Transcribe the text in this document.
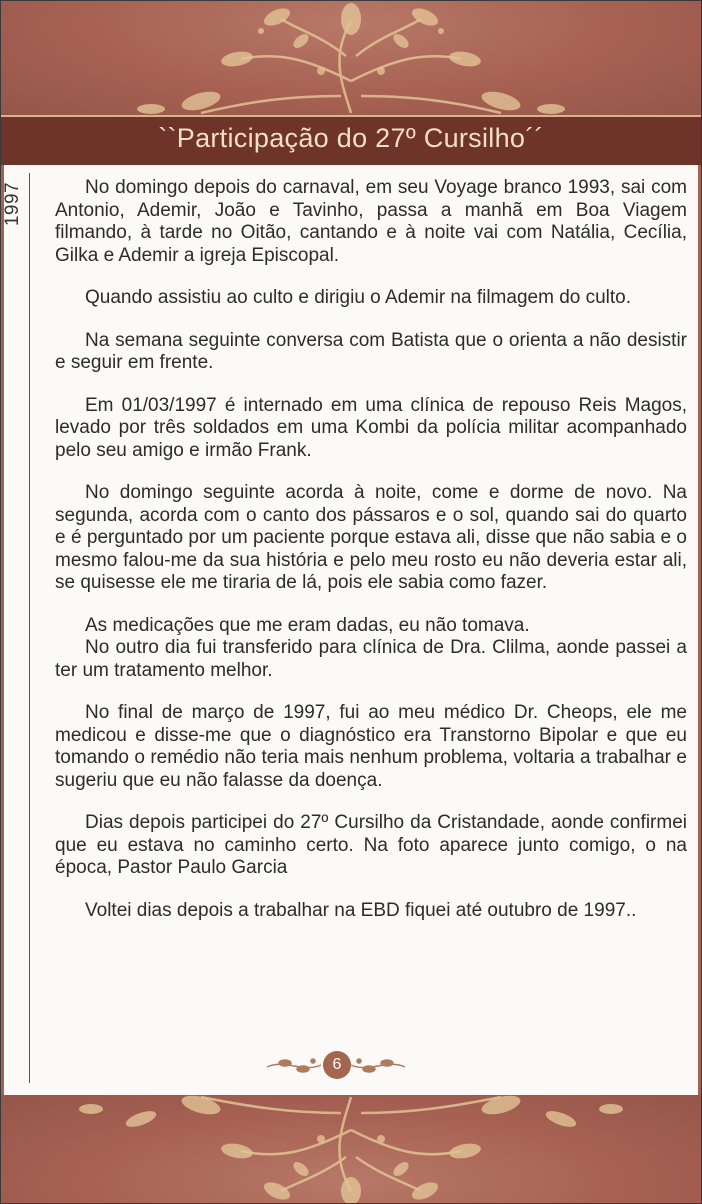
``Participação do 27º Cursilho´´
1997	No domingo depois do carnaval, em seu Voyage branco 1993, sai com Antonio, Ademir, João e Tavinho, passa a manhã em Boa Viagem filmando, à tarde no Oitão, cantando e à noite vai com Natália, Cecília, Gilka e Ademir a igreja Episcopal.

Quando assistiu ao culto e dirigiu o Ademir na filmagem do culto.

Na semana seguinte conversa com Batista que o orienta a não desistir e seguir em frente.

Em 01/03/1997 é internado em uma clínica de repouso Reis Magos, levado por três soldados em uma Kombi da polícia militar acompanhado pelo seu amigo e irmão Frank.

No domingo seguinte acorda à noite, come e dorme de novo. Na segunda, acorda com o canto dos pássaros e o sol, quando sai do quarto e é perguntado por um paciente porque estava ali, disse que não sabia e o mesmo falou-me da sua história e pelo meu rosto eu não deveria estar ali, se quisesse ele me tiraria de lá, pois ele sabia como fazer.

As medicações que me eram dadas, eu não tomava.

No outro dia fui transferido para clínica de Dra. Clilma, aonde passei a ter um tratamento melhor.

No final de março de 1997, fui ao meu médico Dr. Cheops, ele me medicou e disse-me que o diagnóstico era Transtorno Bipolar e que eu tomando o remédio não teria mais nenhum problema, voltaria a trabalhar e sugeriu que eu não falasse da doença.

Dias depois participei do 27º Cursilho da Cristandade, aonde confirmei que eu estava no caminho certo. Na foto aparece junto comigo, o na época, Pastor Paulo Garcia

Voltei dias depois a trabalhar na EBD fiquei até outubro de 1997..

6
